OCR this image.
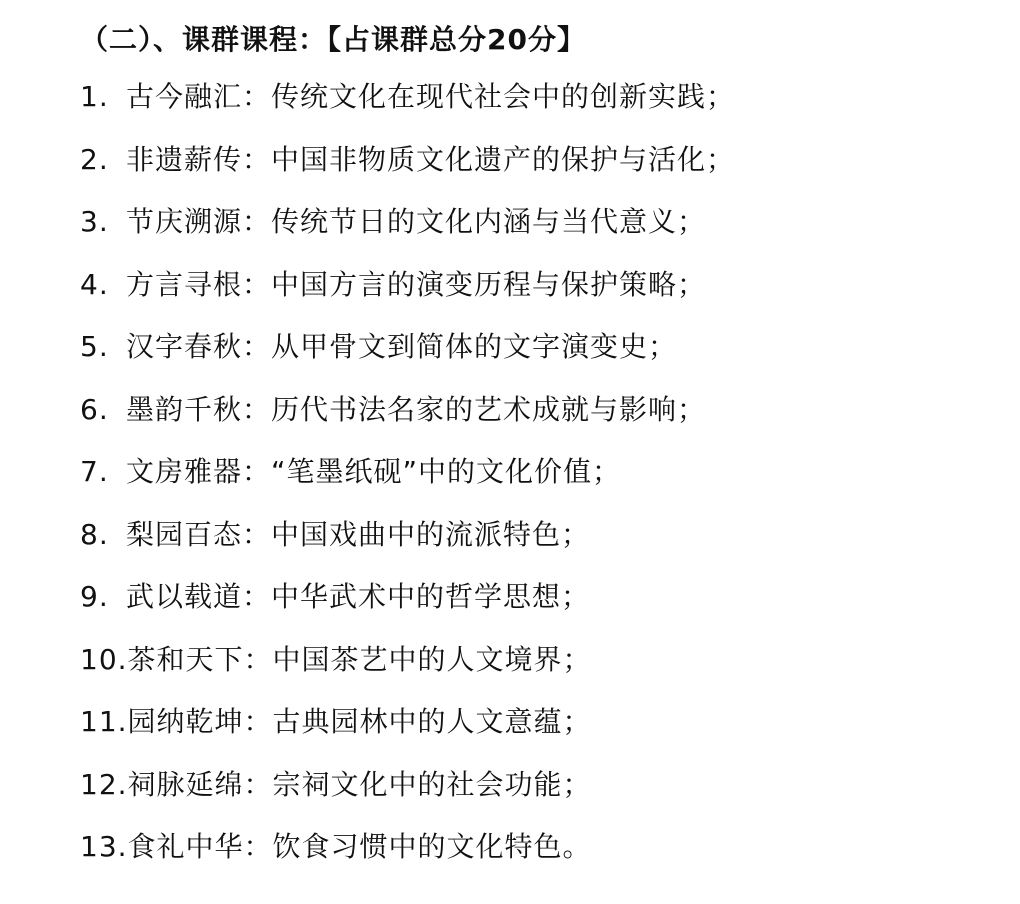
（二）、课群课程：【占课群总分20分】
1. 古今融汇：传统文化在现代社会中的创新实践；
2. 非遗薪传：中国非物质文化遗产的保护与活化；
3. 节庆溯源：传统节日的文化内涵与当代意义；
4. 方言寻根：中国方言的演变历程与保护策略；
5. 汉字春秋：从甲骨文到简体的文字演变史；
6. 墨韵千秋：历代书法名家的艺术成就与影响；
7. 文房雅器：“笔墨纸砚”中的文化价值；
8. 梨园百态：中国戏曲中的流派特色；
9. 武以载道：中华武术中的哲学思想；
10.茶和天下：中国茶艺中的人文境界；
11.园纳乾坤：古典园林中的人文意蕴；
12.祠脉延绵：宗祠文化中的社会功能；
13.食礼中华：饮食习惯中的文化特色。
